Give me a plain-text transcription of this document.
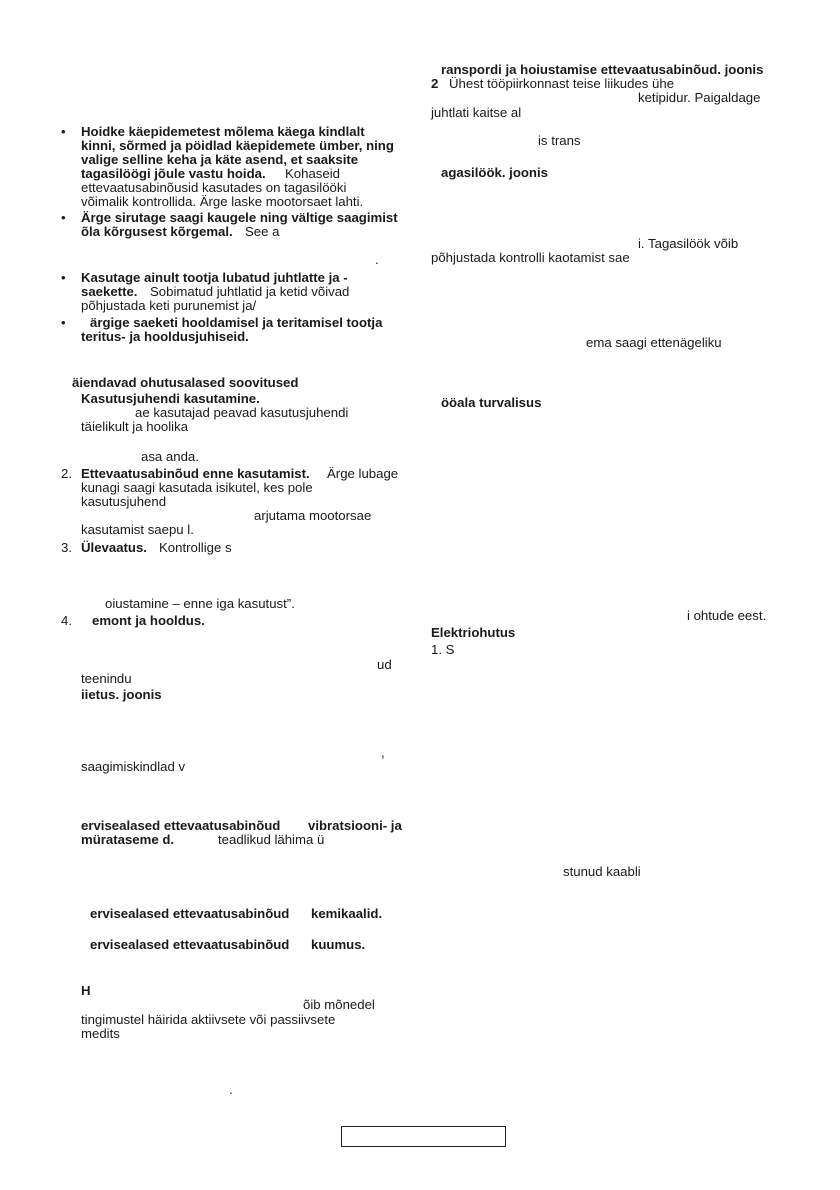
• Hoidke käepidemetest mõlema käega kindlalt
kinni, sõrmed ja pöidlad käepidemete ümber, ning
valige selline keha ja käte asend, et saaksite
tagasilöögi jõule vastu hoida. Kohaseid
ettevaatusabinõusid kasutades on tagasilööki
võimalik kontrollida. Ärge laske mootorsaet lahti.
• Ärge sirutage saagi kaugele ning vältige saagimist
õla kõrgusest kõrgemal. See a
.
• Kasutage ainult tootja lubatud juhtlatte ja -
saekette. Sobimatud juhtlatid ja ketid võivad
põhjustada keti purunemist ja/
• ärgige saeketi hooldamisel ja teritamisel tootja
teritus- ja hooldusjuhiseid.
äiendavad ohutusalased soovitused
Kasutusjuhendi kasutamine.
ae kasutajad peavad kasutusjuhendi
täielikult ja hoolika
asa anda.
2. Ettevaatusabinõud enne kasutamist. Ärge lubage
kunagi saagi kasutada isikutel, kes pole
kasutusjuhend
arjutama mootorsae
kasutamist saepu l.
3. Ülevaatus. Kontrollige s
oiustamine – enne iga kasutust”.
4. emont ja hooldus.
ud
teenindu
iietus. joonis
,
saagimiskindlad v
ervisealased ettevaatusabinõud vibratsiooni- ja
mürataseme d.	teadlikud lähima ü
ervisealased ettevaatusabinõud kemikaalid.
ervisealased ettevaatusabinõud kuumus.
H
õib mõnedel
tingimustel häirida aktiivsete või passiivsete
medits
.
ranspordi ja hoiustamise ettevaatusabinõud. joonis
2 Ühest tööpiirkonnast teise liikudes ühe
ketipidur. Paigaldage
juhtlati kaitse al
is trans
agasilöök. joonis
i. Tagasilöök võib
põhjustada kontrolli kaotamist sae
ema saagi ettenägeliku
ööala turvalisus
i ohtude eest.
Elektriohutus
1. S
stunud kaabli
